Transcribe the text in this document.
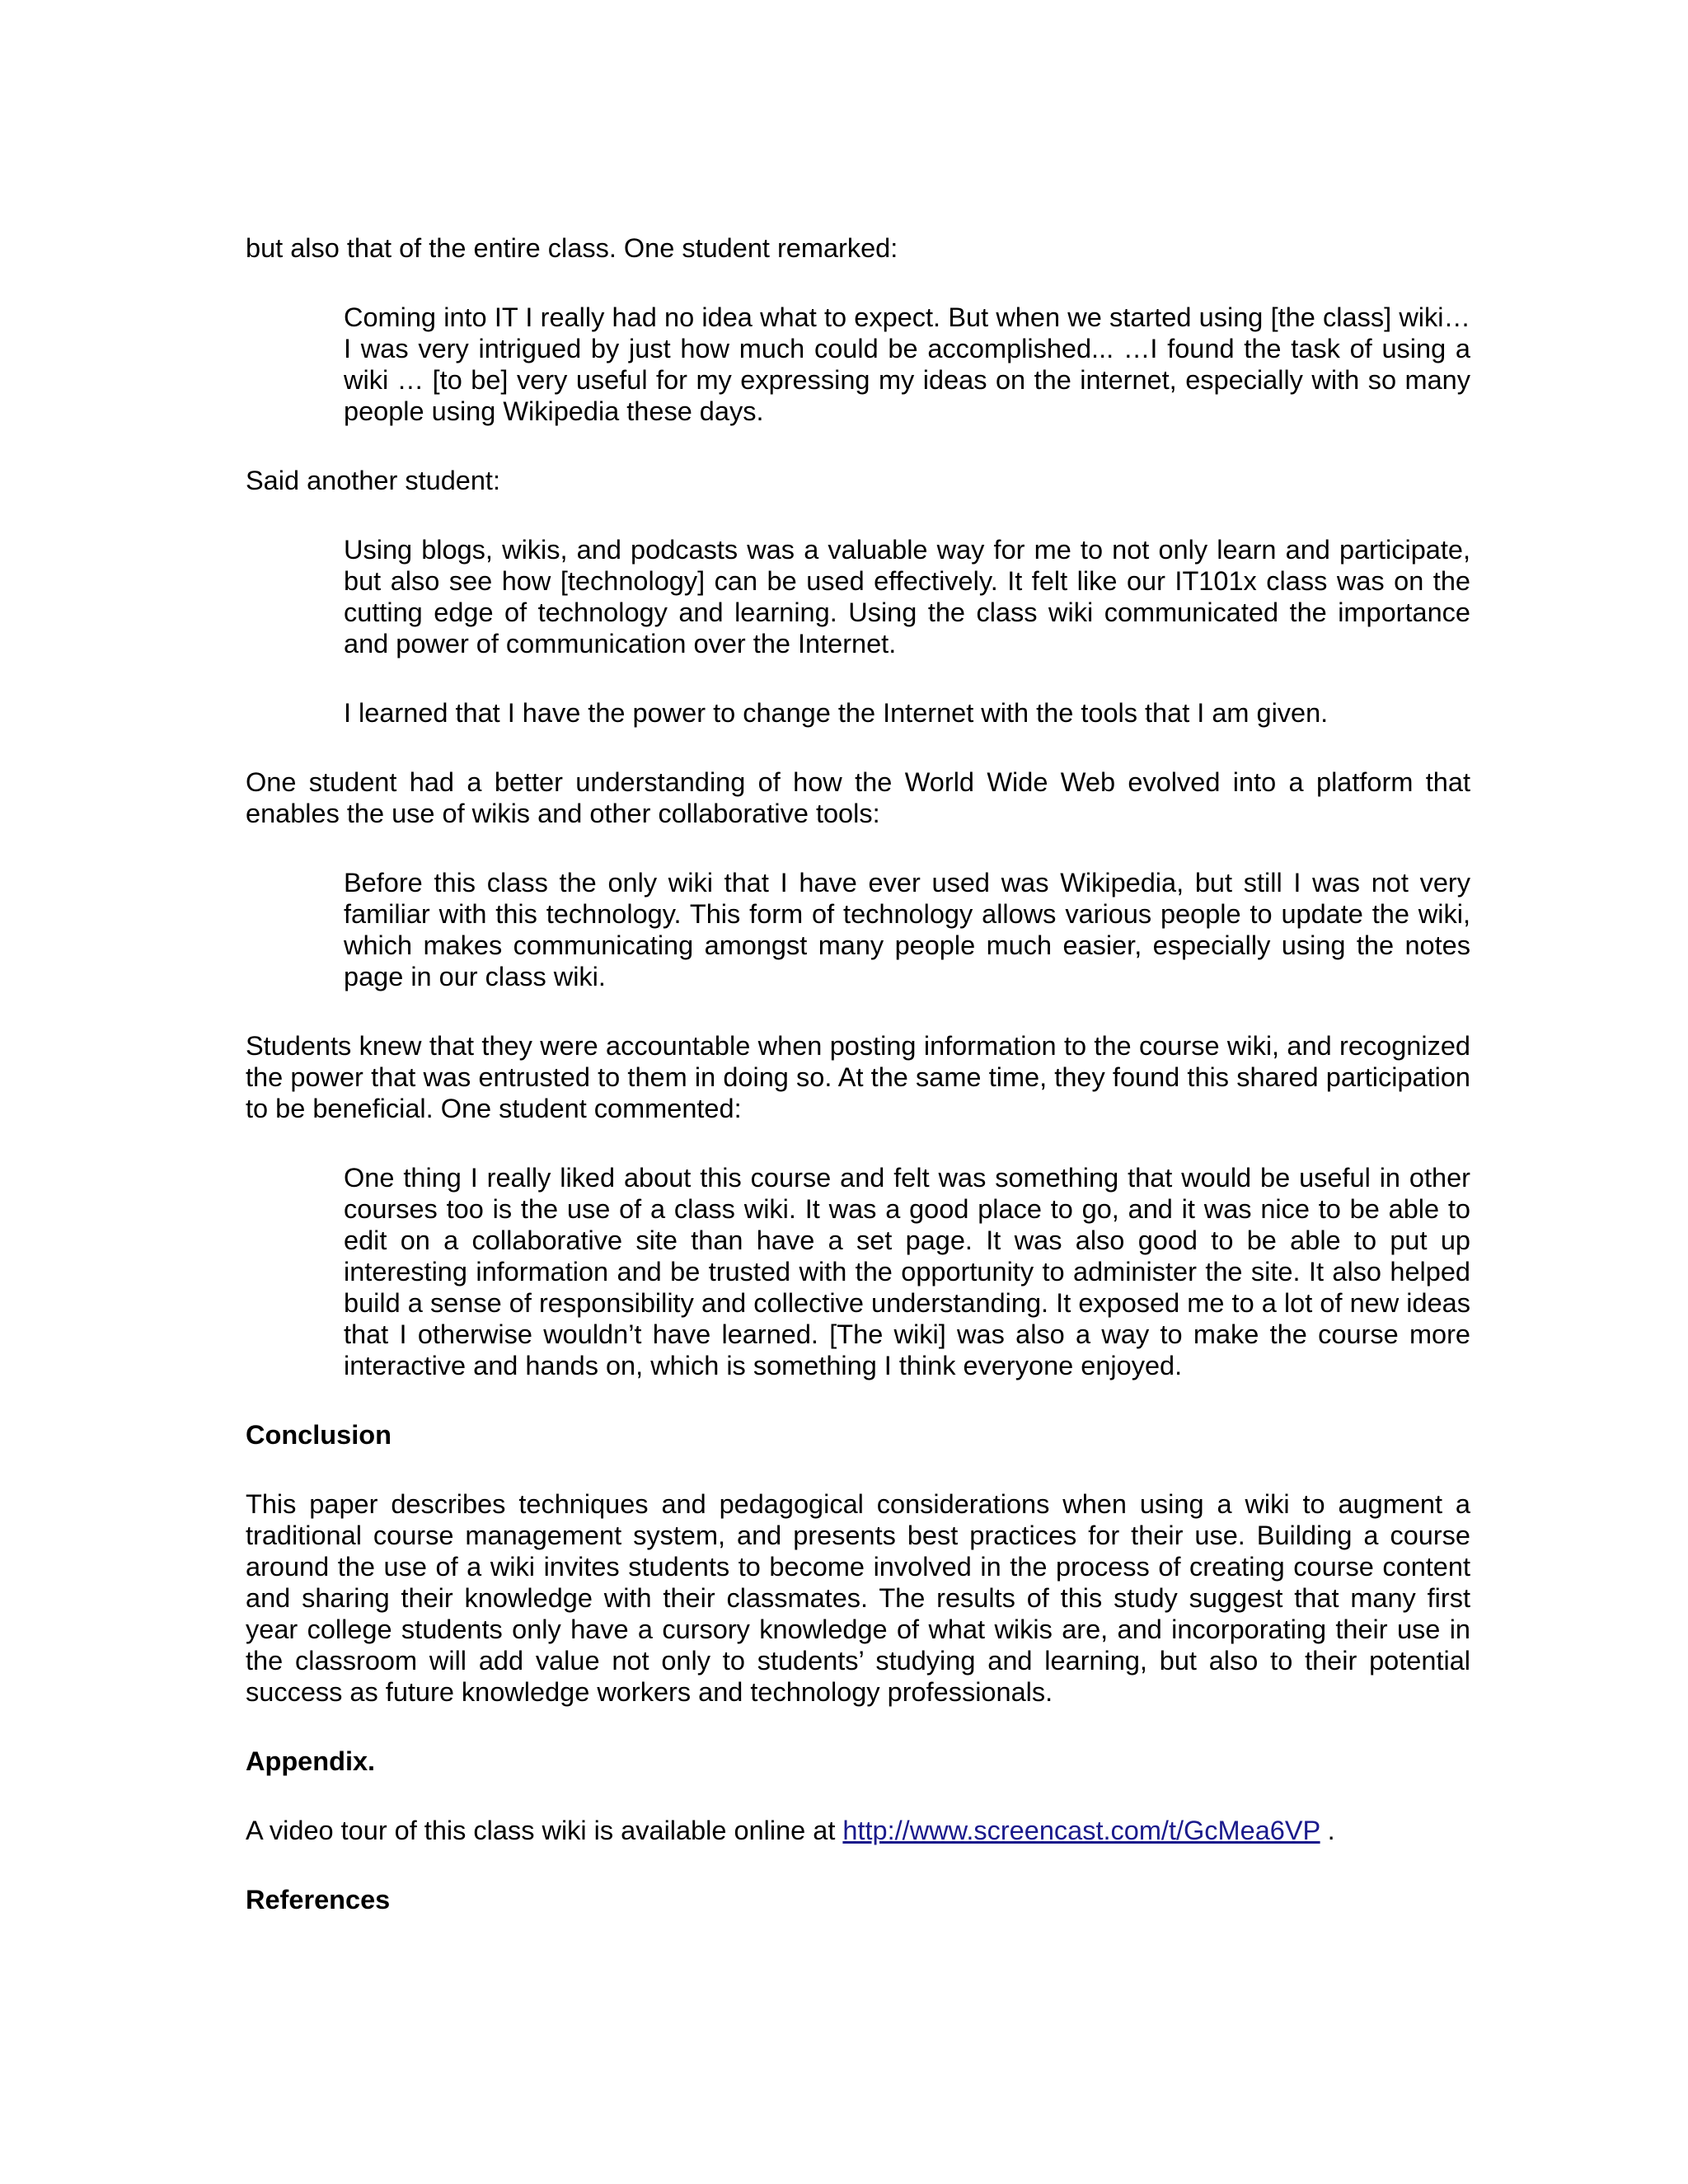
but also that of the entire class. One student remarked:

Coming into IT I really had no idea what to expect. But when we started using [the class] wiki… I was very intrigued by just how much could be accomplished... …I found the task of using a wiki … [to be] very useful for my expressing my ideas on the internet, especially with so many people using Wikipedia these days.

Said another student:

Using blogs, wikis, and podcasts was a valuable way for me to not only learn and participate, but also see how [technology] can be used effectively. It felt like our IT101x class was on the cutting edge of technology and learning. Using the class wiki communicated the importance and power of communication over the Internet.

I learned that I have the power to change the Internet with the tools that I am given.

One student had a better understanding of how the World Wide Web evolved into a platform that enables the use of wikis and other collaborative tools:

Before this class the only wiki that I have ever used was Wikipedia, but still I was not very familiar with this technology. This form of technology allows various people to update the wiki, which makes communicating amongst many people much easier, especially using the notes page in our class wiki.

Students knew that they were accountable when posting information to the course wiki, and recognized the power that was entrusted to them in doing so. At the same time, they found this shared participation to be beneficial. One student commented:

One thing I really liked about this course and felt was something that would be useful in other courses too is the use of a class wiki. It was a good place to go, and it was nice to be able to edit on a collaborative site than have a set page. It was also good to be able to put up interesting information and be trusted with the opportunity to administer the site. It also helped build a sense of responsibility and collective understanding. It exposed me to a lot of new ideas that I otherwise wouldn’t have learned. [The wiki] was also a way to make the course more interactive and hands on, which is something I think everyone enjoyed.

Conclusion

This paper describes techniques and pedagogical considerations when using a wiki to augment a traditional course management system, and presents best practices for their use. Building a course around the use of a wiki invites students to become involved in the process of creating course content and sharing their knowledge with their classmates. The results of this study suggest that many first year college students only have a cursory knowledge of what wikis are, and incorporating their use in the classroom will add value not only to students’ studying and learning, but also to their potential success as future knowledge workers and technology professionals.

Appendix.

A video tour of this class wiki is available online at http://www.screencast.com/t/GcMea6VP .

References
